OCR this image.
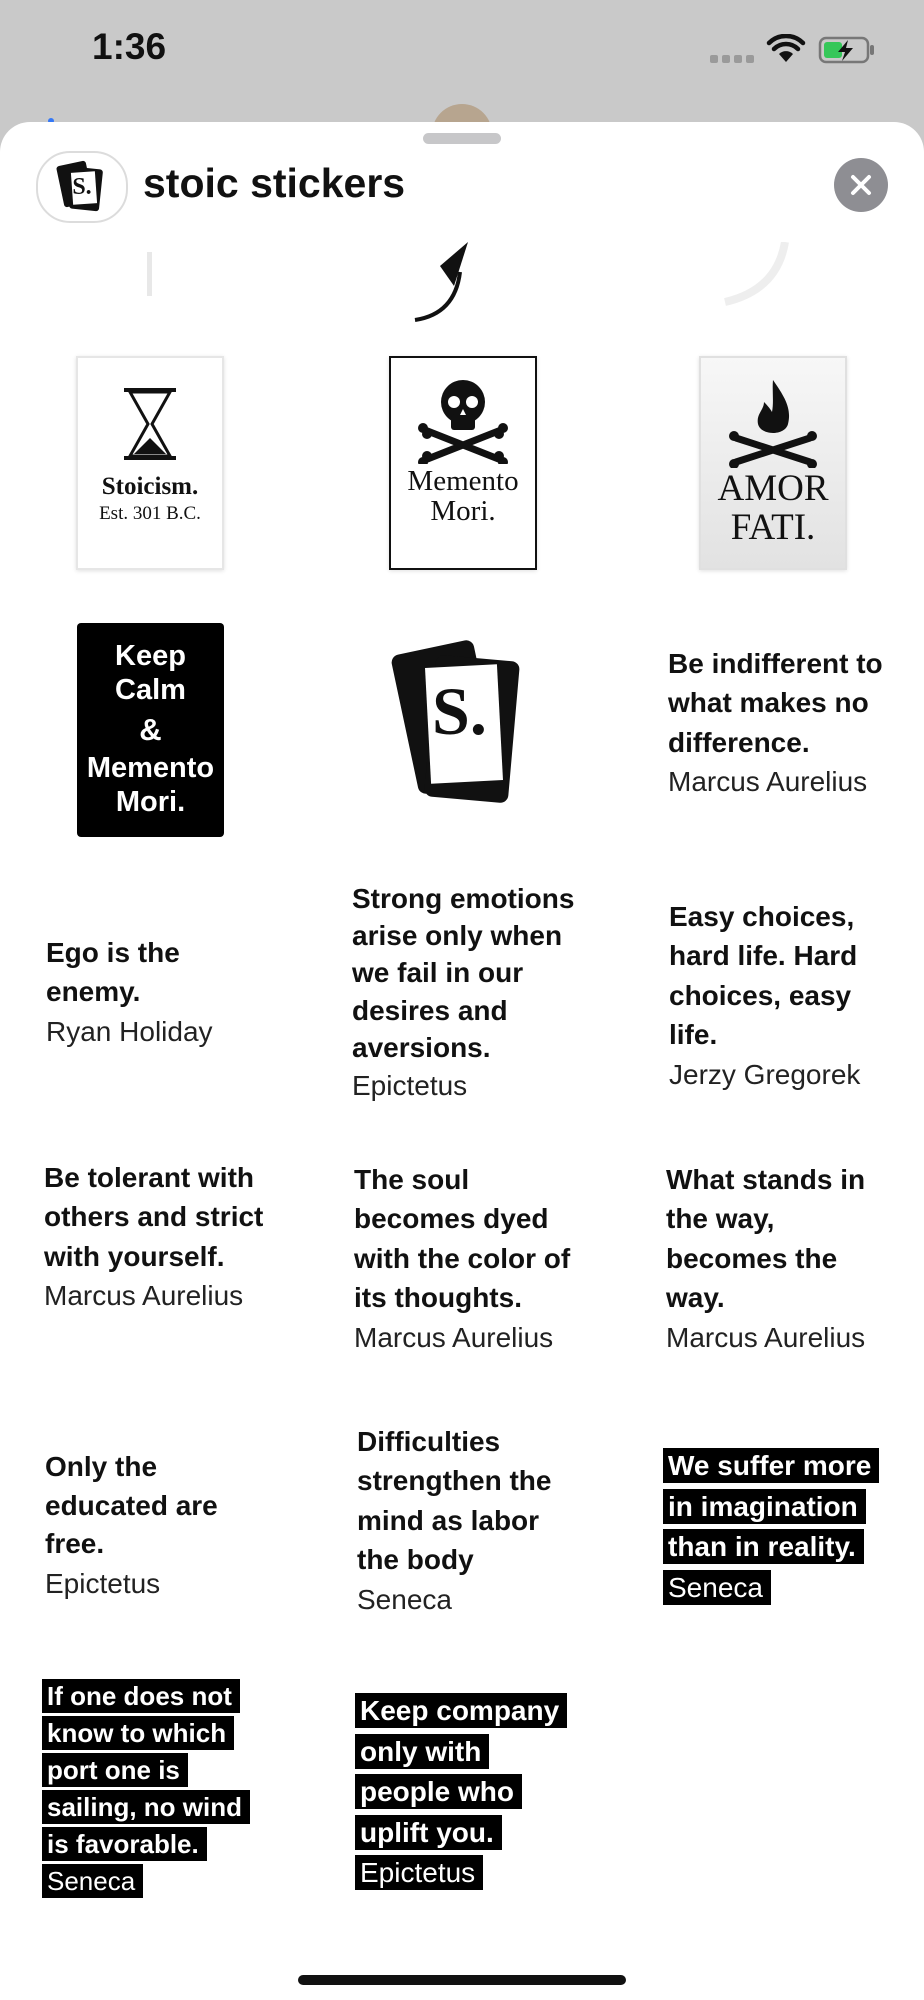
1:36
S. stoic stickers
Stoicism.
Est. 301 B.C.
Memento
Mori.
AMOR
FATI.
Keep
Calm
&
Memento
Mori.
S.
Be indifferent to what makes no difference.
Marcus Aurelius
Ego is the enemy.
Ryan Holiday
Strong emotions arise only when we fail in our desires and aversions.
Epictetus
Easy choices, hard life. Hard choices, easy life.
Jerzy Gregorek
Be tolerant with others and strict with yourself.
Marcus Aurelius
The soul becomes dyed with the color of its thoughts.
Marcus Aurelius
What stands in the way, becomes the way.
Marcus Aurelius
Only the educated are free.
Epictetus
Difficulties strengthen the mind as labor the body
Seneca
We suffer more in imagination than in reality.
Seneca
If one does not know to which port one is sailing, no wind is favorable.
Seneca
Keep company only with people who uplift you.
Epictetus
